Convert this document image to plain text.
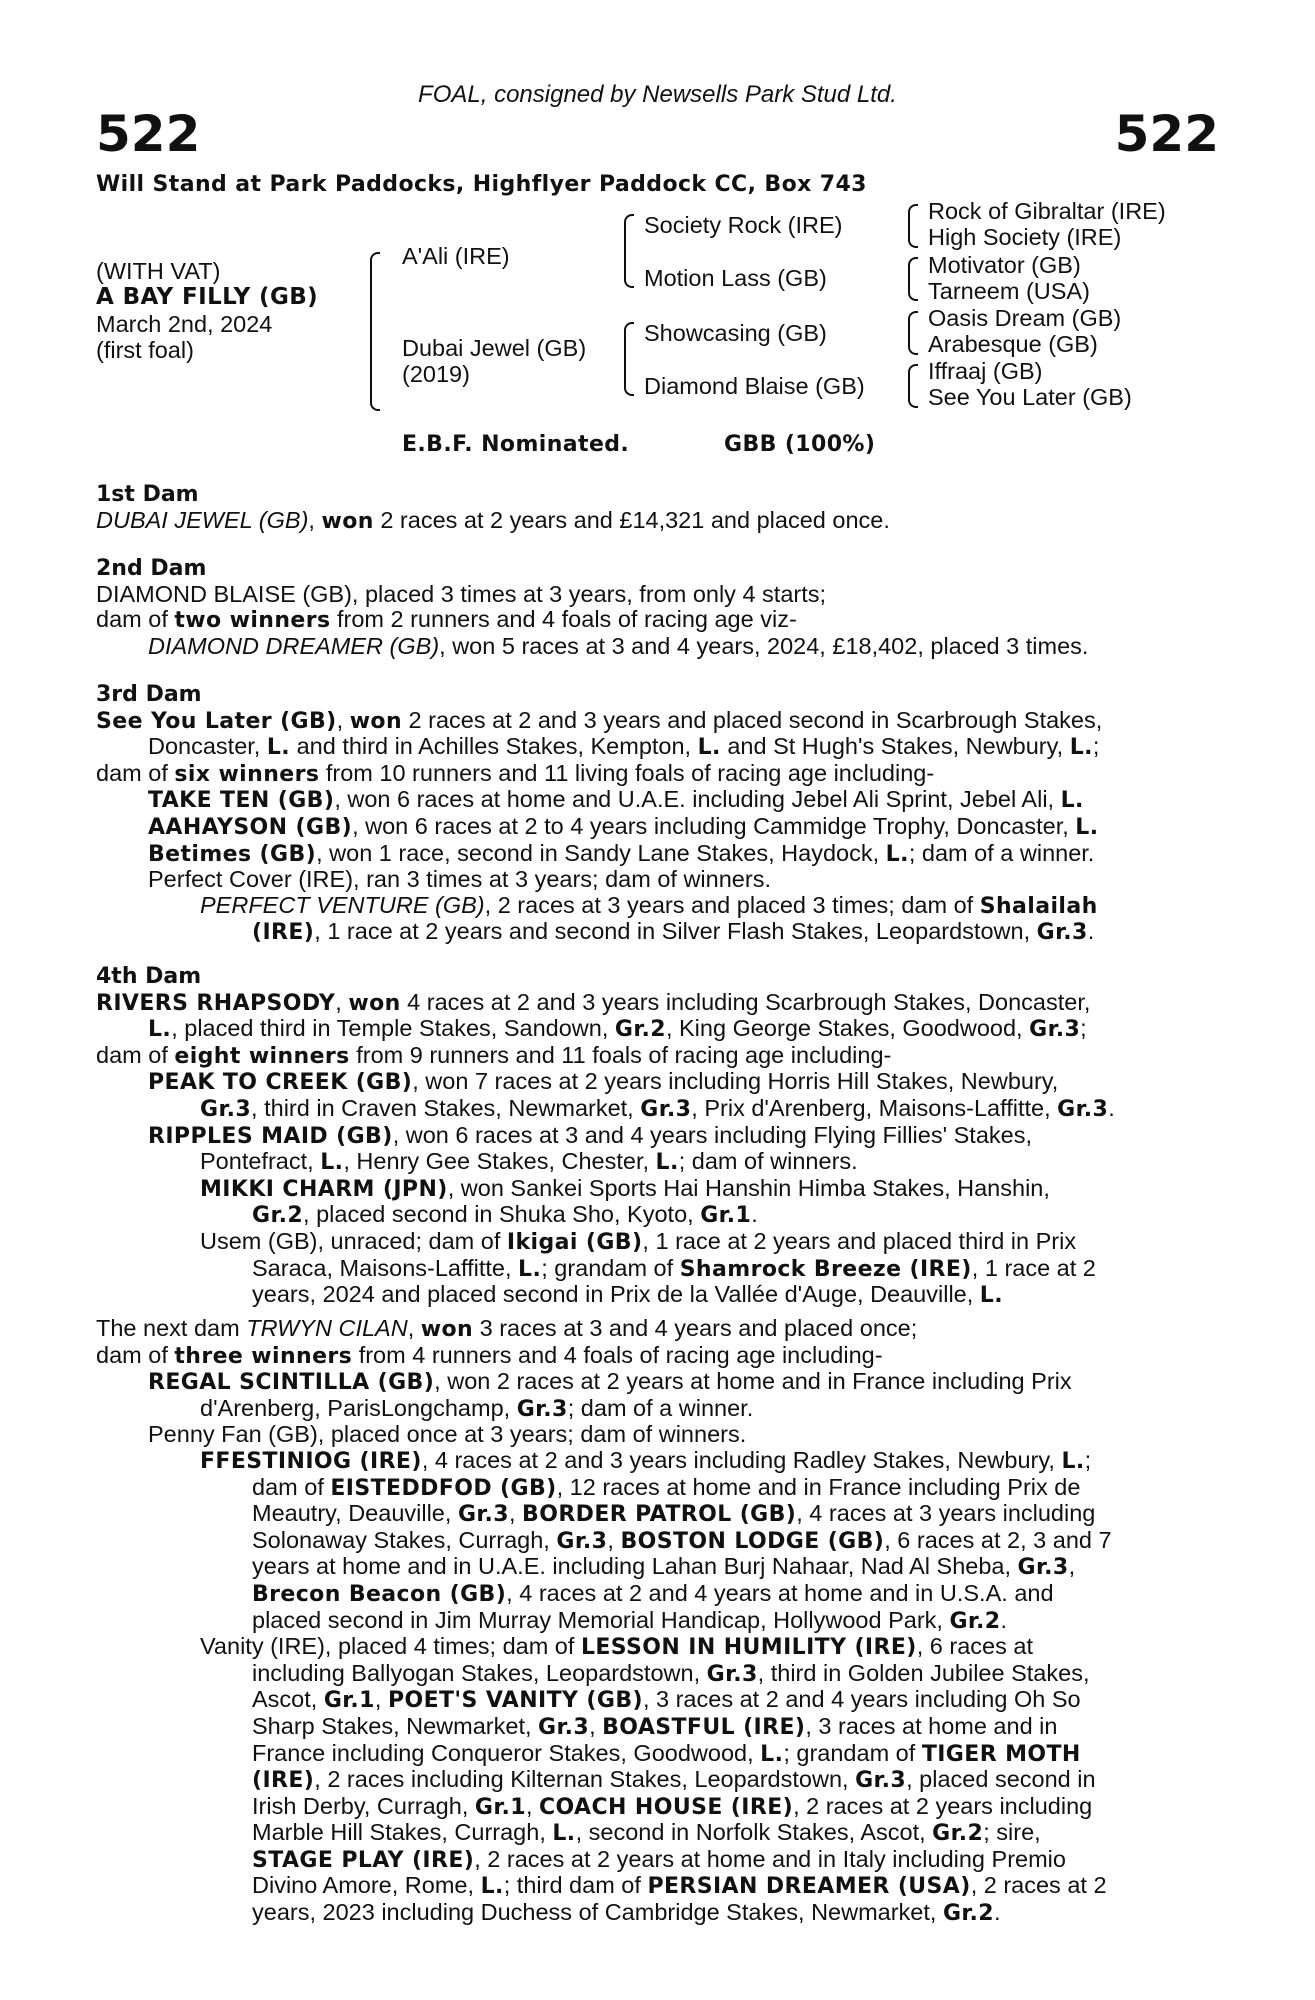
522
FOAL, consigned by Newsells Park Stud Ltd.
522
Will Stand at Park Paddocks, Highflyer Paddock CC, Box 743
(WITH VAT)
A BAY FILLY (GB)
March 2nd, 2024
(first foal)
A'Ali (IRE)
Dubai Jewel (GB)
(2019)
Society Rock (IRE)
Motion Lass (GB)
Showcasing (GB)
Diamond Blaise (GB)
Rock of Gibraltar (IRE)
High Society (IRE)
Motivator (GB)
Tarneem (USA)
Oasis Dream (GB)
Arabesque (GB)
Iffraaj (GB)
See You Later (GB)
E.B.F. Nominated.	GBB (100%)
1st Dam
DUBAI JEWEL (GB), won 2 races at 2 years and £14,321 and placed once.
2nd Dam
DIAMOND BLAISE (GB), placed 3 times at 3 years, from only 4 starts;
dam of two winners from 2 runners and 4 foals of racing age viz-
DIAMOND DREAMER (GB), won 5 races at 3 and 4 years, 2024, £18,402, placed 3 times.
3rd Dam
See You Later (GB), won 2 races at 2 and 3 years and placed second in Scarbrough Stakes,
Doncaster, L. and third in Achilles Stakes, Kempton, L. and St Hugh's Stakes, Newbury, L.;
dam of six winners from 10 runners and 11 living foals of racing age including-
TAKE TEN (GB), won 6 races at home and U.A.E. including Jebel Ali Sprint, Jebel Ali, L.
AAHAYSON (GB), won 6 races at 2 to 4 years including Cammidge Trophy, Doncaster, L.
Betimes (GB), won 1 race, second in Sandy Lane Stakes, Haydock, L.; dam of a winner.
Perfect Cover (IRE), ran 3 times at 3 years; dam of winners.
PERFECT VENTURE (GB), 2 races at 3 years and placed 3 times; dam of Shalailah
(IRE), 1 race at 2 years and second in Silver Flash Stakes, Leopardstown, Gr.3.
4th Dam
RIVERS RHAPSODY, won 4 races at 2 and 3 years including Scarbrough Stakes, Doncaster,
L., placed third in Temple Stakes, Sandown, Gr.2, King George Stakes, Goodwood, Gr.3;
dam of eight winners from 9 runners and 11 foals of racing age including-
PEAK TO CREEK (GB), won 7 races at 2 years including Horris Hill Stakes, Newbury,
Gr.3, third in Craven Stakes, Newmarket, Gr.3, Prix d'Arenberg, Maisons-Laffitte, Gr.3.
RIPPLES MAID (GB), won 6 races at 3 and 4 years including Flying Fillies' Stakes,
Pontefract, L., Henry Gee Stakes, Chester, L.; dam of winners.
MIKKI CHARM (JPN), won Sankei Sports Hai Hanshin Himba Stakes, Hanshin,
Gr.2, placed second in Shuka Sho, Kyoto, Gr.1.
Usem (GB), unraced; dam of Ikigai (GB), 1 race at 2 years and placed third in Prix
Saraca, Maisons-Laffitte, L.; grandam of Shamrock Breeze (IRE), 1 race at 2
years, 2024 and placed second in Prix de la Vallée d'Auge, Deauville, L.
The next dam TRWYN CILAN, won 3 races at 3 and 4 years and placed once;
dam of three winners from 4 runners and 4 foals of racing age including-
REGAL SCINTILLA (GB), won 2 races at 2 years at home and in France including Prix
d'Arenberg, ParisLongchamp, Gr.3; dam of a winner.
Penny Fan (GB), placed once at 3 years; dam of winners.
FFESTINIOG (IRE), 4 races at 2 and 3 years including Radley Stakes, Newbury, L.;
dam of EISTEDDFOD (GB), 12 races at home and in France including Prix de
Meautry, Deauville, Gr.3, BORDER PATROL (GB), 4 races at 3 years including
Solonaway Stakes, Curragh, Gr.3, BOSTON LODGE (GB), 6 races at 2, 3 and 7
years at home and in U.A.E. including Lahan Burj Nahaar, Nad Al Sheba, Gr.3,
Brecon Beacon (GB), 4 races at 2 and 4 years at home and in U.S.A. and
placed second in Jim Murray Memorial Handicap, Hollywood Park, Gr.2.
Vanity (IRE), placed 4 times; dam of LESSON IN HUMILITY (IRE), 6 races at
including Ballyogan Stakes, Leopardstown, Gr.3, third in Golden Jubilee Stakes,
Ascot, Gr.1, POET'S VANITY (GB), 3 races at 2 and 4 years including Oh So
Sharp Stakes, Newmarket, Gr.3, BOASTFUL (IRE), 3 races at home and in
France including Conqueror Stakes, Goodwood, L.; grandam of TIGER MOTH
(IRE), 2 races including Kilternan Stakes, Leopardstown, Gr.3, placed second in
Irish Derby, Curragh, Gr.1, COACH HOUSE (IRE), 2 races at 2 years including
Marble Hill Stakes, Curragh, L., second in Norfolk Stakes, Ascot, Gr.2; sire,
STAGE PLAY (IRE), 2 races at 2 years at home and in Italy including Premio
Divino Amore, Rome, L.; third dam of PERSIAN DREAMER (USA), 2 races at 2
years, 2023 including Duchess of Cambridge Stakes, Newmarket, Gr.2.
